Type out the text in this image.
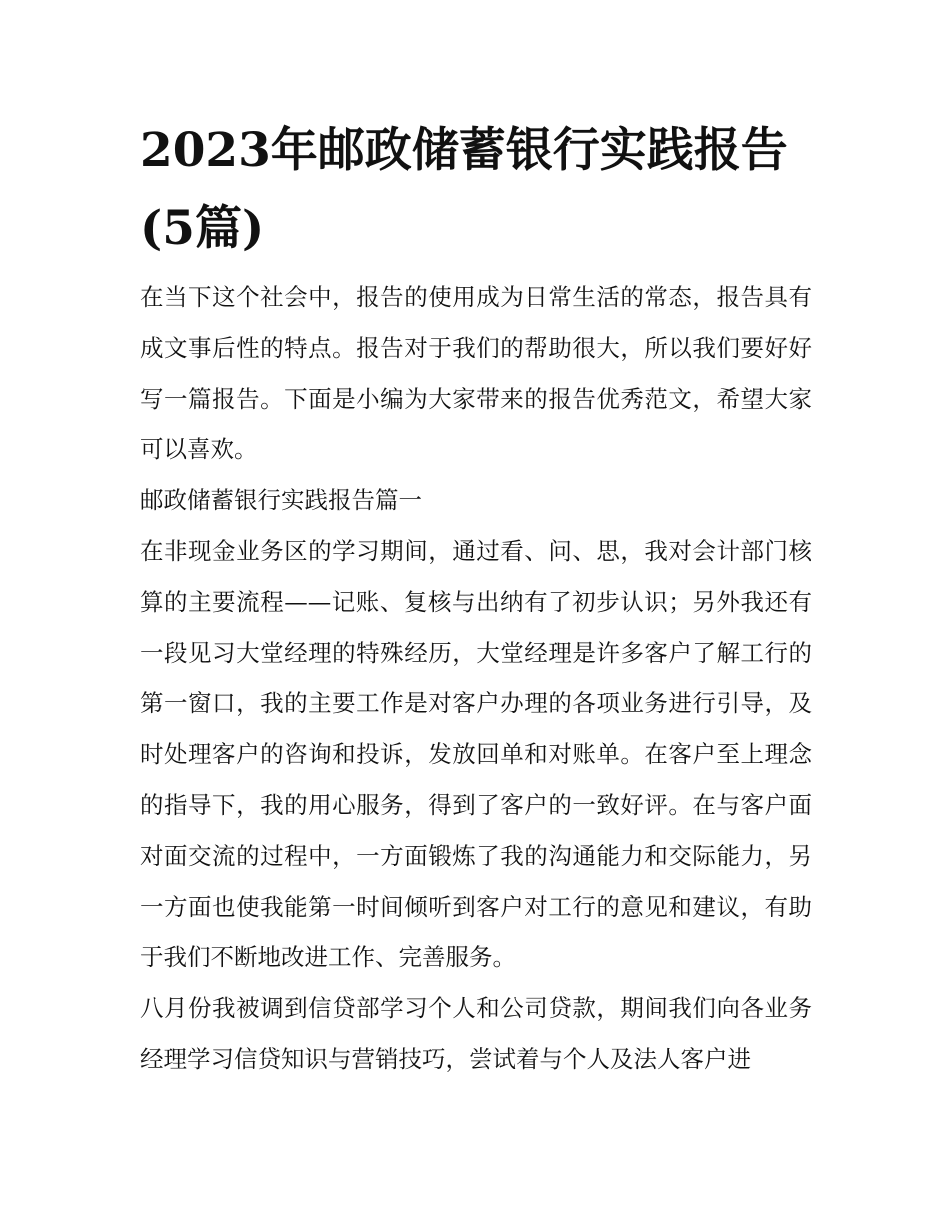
2023年邮政储蓄银行实践报告(5篇)

在当下这个社会中，报告的使用成为日常生活的常态，报告具有成文事后性的特点。报告对于我们的帮助很大，所以我们要好好写一篇报告。下面是小编为大家带来的报告优秀范文，希望大家可以喜欢。

邮政储蓄银行实践报告篇一

在非现金业务区的学习期间，通过看、问、思，我对会计部门核算的主要流程——记账、复核与出纳有了初步认识；另外我还有一段见习大堂经理的特殊经历，大堂经理是许多客户了解工行的第一窗口，我的主要工作是对客户办理的各项业务进行引导，及时处理客户的咨询和投诉，发放回单和对账单。在客户至上理念的指导下，我的用心服务，得到了客户的一致好评。在与客户面对面交流的过程中，一方面锻炼了我的沟通能力和交际能力，另一方面也使我能第一时间倾听到客户对工行的意见和建议，有助于我们不断地改进工作、完善服务。

八月份我被调到信贷部学习个人和公司贷款，期间我们向各业务经理学习信贷知识与营销技巧，尝试着与个人及法人客户进
